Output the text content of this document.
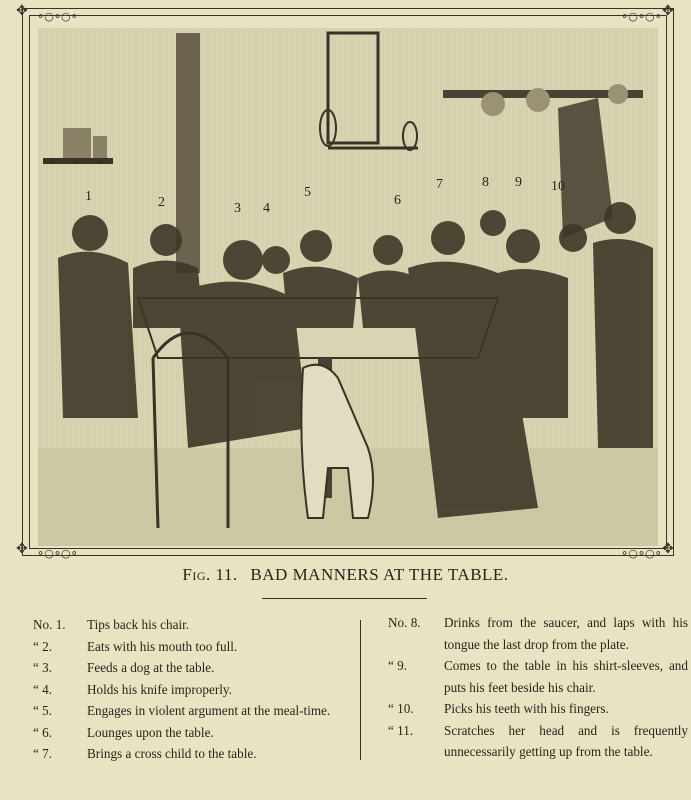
⚬○⚬○⚬	⚬○⚬○⚬
⚬○⚬○⚬	⚬○⚬○⚬
✥	✥
✥	✥
1	2	3 4
5
6
7	8 9 10
Fig. 11. BAD MANNERS AT THE TABLE.
No. 1.	Tips back his chair.
“ 2.	Eats with his mouth too full.
“ 3.	Feeds a dog at the table.
“ 4.	Holds his knife improperly.
“ 5.	Engages in violent argument at the meal-time.
“ 6.	Lounges upon the table.
“ 7.	Brings a cross child to the table.
No. 8.	Drinks from the saucer, and laps with his tongue the last drop from the plate.
“ 9.	Comes to the table in his shirt-sleeves, and puts his feet beside his chair.
“ 10.	Picks his teeth with his fingers.
“ 11.	Scratches her head and is frequently unnecessarily getting up from the table.
